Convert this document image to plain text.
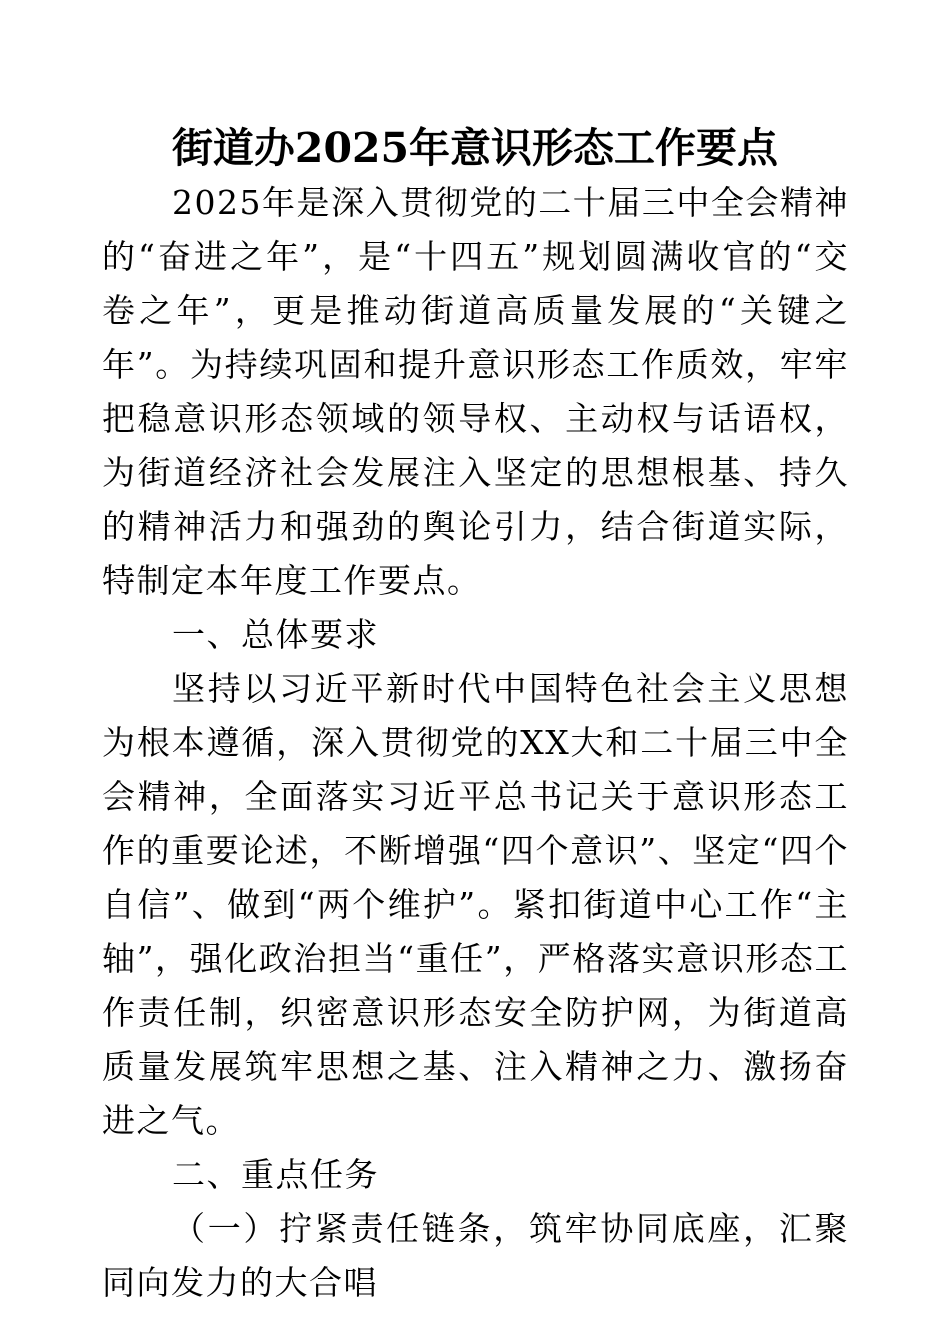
街道办2025年意识形态工作要点

2025年是深入贯彻党的二十届三中全会精神的“奋进之年”，是“十四五”规划圆满收官的“交卷之年”，更是推动街道高质量发展的“关键之年”。为持续巩固和提升意识形态工作质效，牢牢把稳意识形态领域的领导权、主动权与话语权，为街道经济社会发展注入坚定的思想根基、持久的精神活力和强劲的舆论引力，结合街道实际，特制定本年度工作要点。

一、总体要求

坚持以习近平新时代中国特色社会主义思想为根本遵循，深入贯彻党的XX大和二十届三中全会精神，全面落实习近平总书记关于意识形态工作的重要论述，不断增强“四个意识”、坚定“四个自信”、做到“两个维护”。紧扣街道中心工作“主轴”，强化政治担当“重任”，严格落实意识形态工作责任制，织密意识形态安全防护网，为街道高质量发展筑牢思想之基、注入精神之力、激扬奋进之气。

二、重点任务

（一）拧紧责任链条，筑牢协同底座，汇聚同向发力的大合唱
